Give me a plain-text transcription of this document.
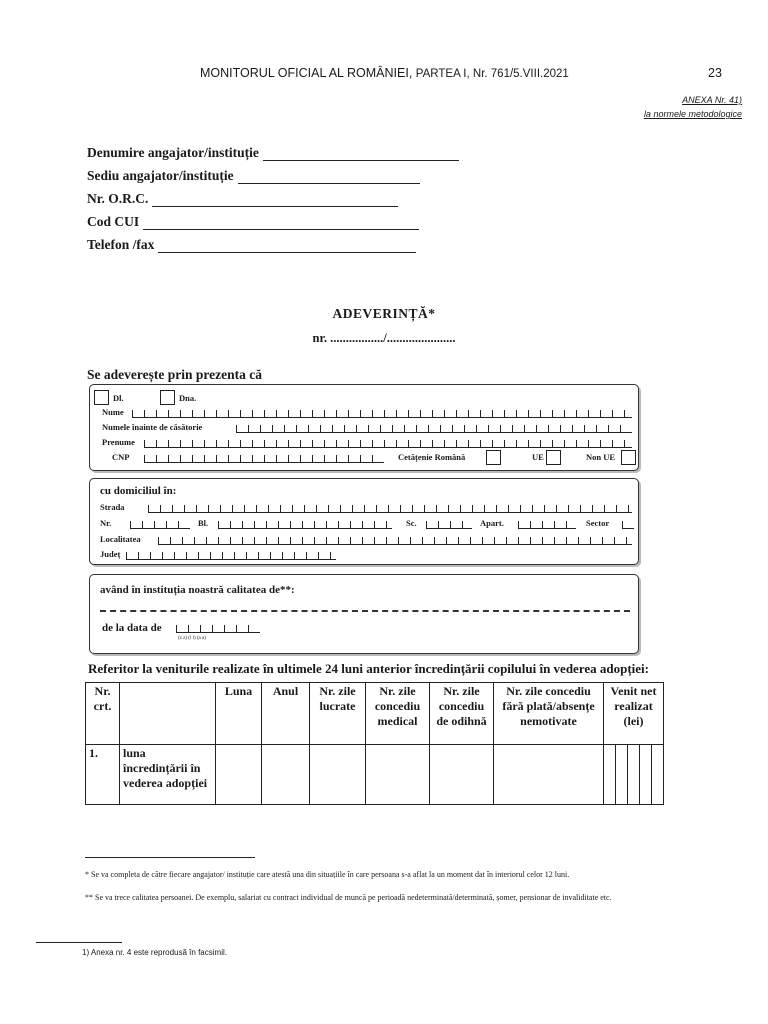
MONITORUL OFICIAL AL ROMÂNIEI, PARTEA I, Nr. 761/5.VIII.2021	23
ANEXA Nr. 41)
la normele metodologice
Denumire angajator/instituție
Sediu angajator/instituție
Nr. O.R.C.
Cod CUI
Telefon /fax
ADEVERINȚĂ*
nr. ................./......................
Se adeverește prin prezenta că
Dl.	Dna.
Nume
Numele înainte de căsătorie
Prenume
CNP	Cetățenie Română	UE	Non UE
cu domiciliul în:
Strada
Nr.	Bl.	Sc.	Apart.	Sector
Localitatea
Județ
având în instituția noastră calitatea de**:
de la data de
(z z) (l l) (a a)
Referitor la veniturile realizate în ultimele 24 luni anterior încredințării copilului în vederea adopției:
Nr. crt.		Luna	Anul	Nr. zile lucrate	Nr. zile concediu medical	Nr. zile concediu de odihnă	Nr. zile concediu fără plată/absențe nemotivate	Venit net realizat (lei)				
1.	luna încredințării în vederea adopției											
* Se va completa de către fiecare angajator/ instituție care atestă una din situațiile în care persoana s-a aflat la un moment dat în interiorul celor 12 luni.
** Se va trece calitatea persoanei. De exemplu, salariat cu contract individual de muncă pe perioadă nedeterminată/determinată, șomer, pensionar de invaliditate etc.
1) Anexa nr. 4 este reprodusă în facsimil.
